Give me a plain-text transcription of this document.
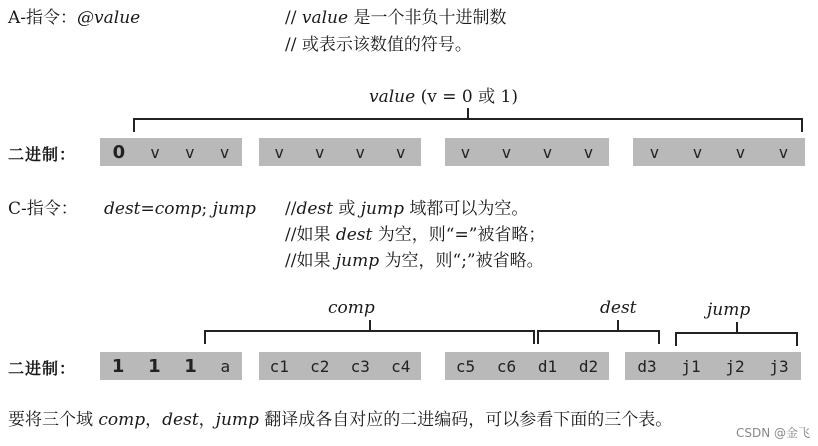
A-指令：@value	// value 是一个非负十进制数
// 或表示该数值的符号。
value (v = 0 或 1)
二进制： 0 v v v	v v v v	v v v v	v v v v
C-指令： dest=comp; jump //dest 或 jump 域都可以为空。
//如果 dest 为空，则“=”被省略；
//如果 jump 为空，则“;”被省略。
comp	dest	jump
二进制： 1 1 1 a c1 c2 c3 c4	c5 c6 d1 d2 d3 j1 j2 j3
要将三个域 comp，dest，jump 翻译成各自对应的二进编码，可以参看下面的三个表。
CSDN @金飞
